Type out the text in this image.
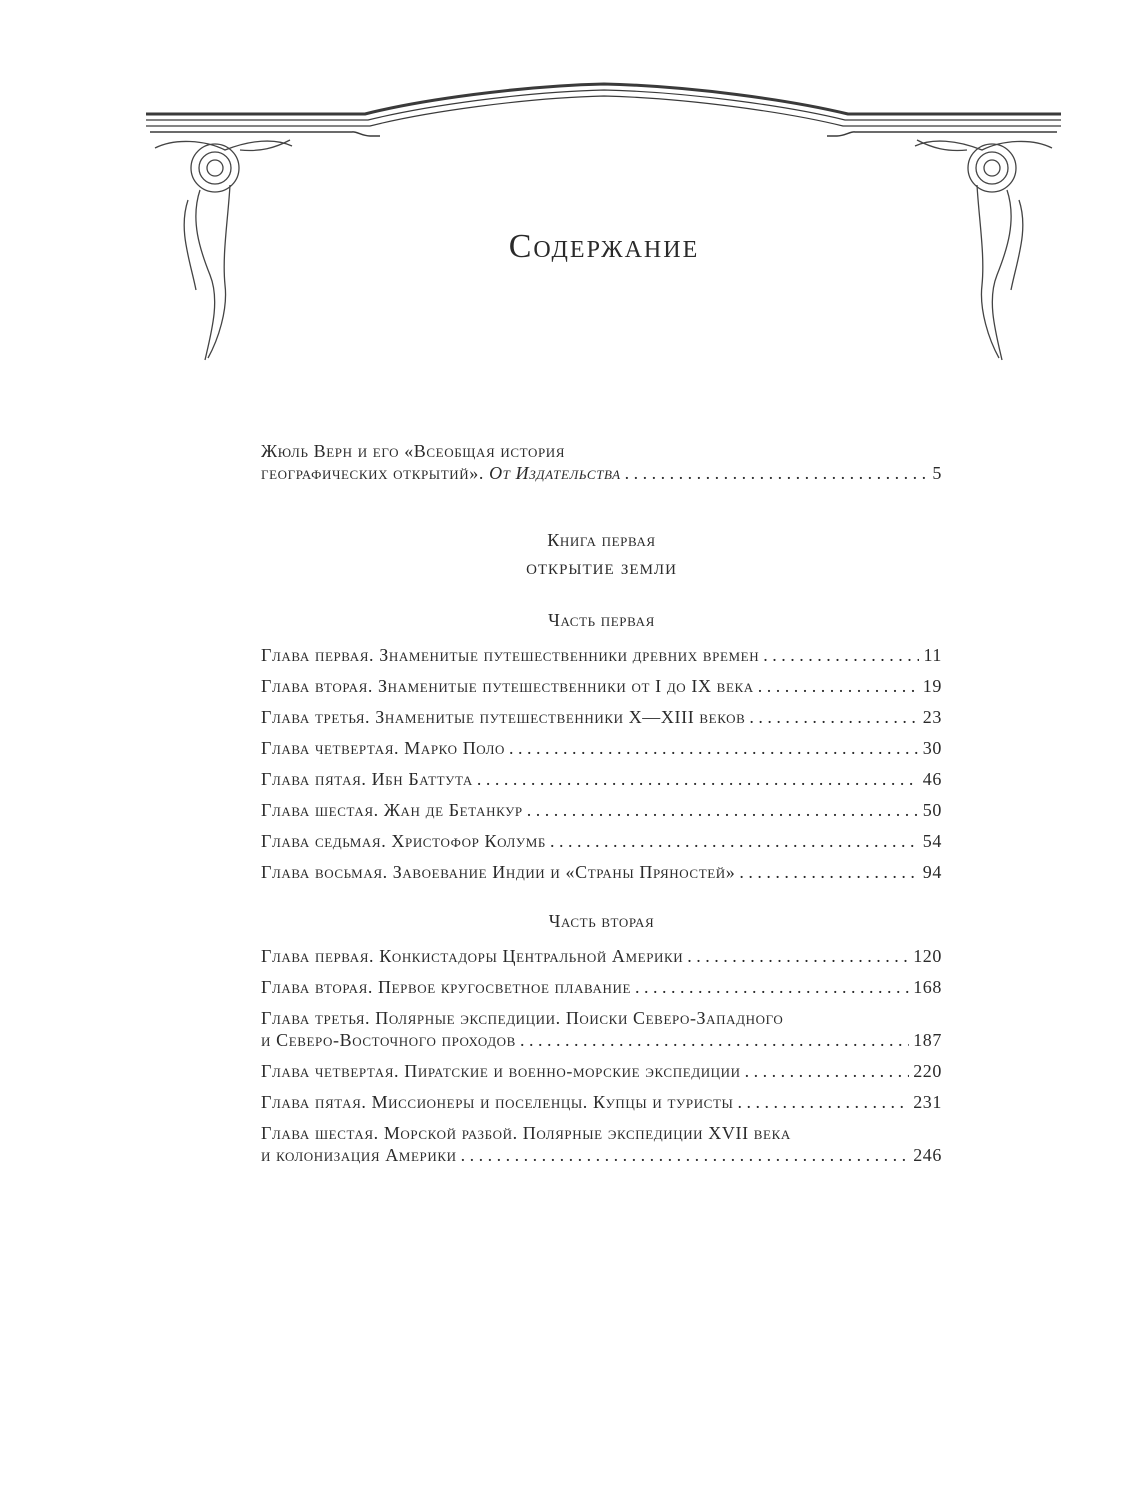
Содержание
Жюль Верн и его «Всеобщая история
географических открытий». От Издательства . . .	5
Книга первая
открытие земли
Часть первая
Глава первая. Знаменитые путешественники древних времен . . .	11
Глава вторая. Знаменитые путешественники от I до IX века . . .	19
Глава третья. Знаменитые путешественники X—XIII веков . . .	23
Глава четвертая. Марко Поло . . .	30
Глава пятая. Ибн Баттута . . .	46
Глава шестая. Жан де Бетанкур . . .	50
Глава седьмая. Христофор Колумб . . .	54
Глава восьмая. Завоевание Индии и «Страны Пряностей» . . .	94
Часть вторая
Глава первая. Конкистадоры Центральной Америки . . .	120
Глава вторая. Первое кругосветное плавание . . .	168
Глава третья. Полярные экспедиции. Поиски Северо-Западного
и Северо-Восточного проходов . . .	187
Глава четвертая. Пиратские и военно-морские экспедиции . . .	220
Глава пятая. Миссионеры и поселенцы. Купцы и туристы . . .	231
Глава шестая. Морской разбой. Полярные экспедиции XVII века
и колонизация Америки . . .	246
